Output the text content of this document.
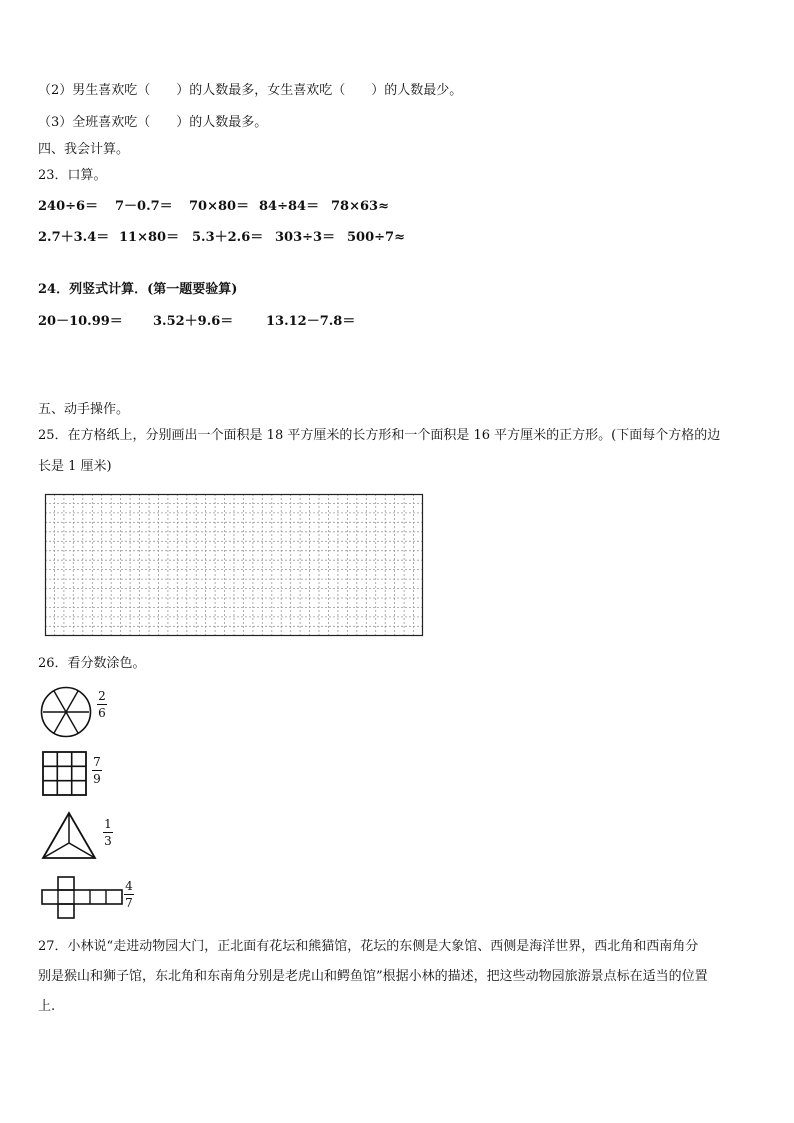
（2）男生喜欢吃（　　）的人数最多，女生喜欢吃（　　）的人数最少。
（3）全班喜欢吃（　　）的人数最多。
四、我会计算。
23．口算。
240÷6＝	7－0.7＝	70×80＝ 84÷84＝ 78×63≈
2.7＋3.4＝ 11×80＝ 5.3＋2.6＝ 303÷3＝ 500÷7≈
24．列竖式计算．(第一题要验算)
20－10.99＝	3.52＋9.6＝	13.12－7.8＝
五、动手操作。
25．在方格纸上，分别画出一个面积是 18 平方厘米的长方形和一个面积是 16 平方厘米的正方形。(下面每个方格的边
长是 1 厘米)
26．看分数涂色。
2
6
7
9
1
3
4
7
27．小林说“走进动物园大门，正北面有花坛和熊猫馆，花坛的东侧是大象馆、西侧是海洋世界，西北角和西南角分
别是猴山和狮子馆，东北角和东南角分别是老虎山和鳄鱼馆”根据小林的描述，把这些动物园旅游景点标在适当的位置
上.
